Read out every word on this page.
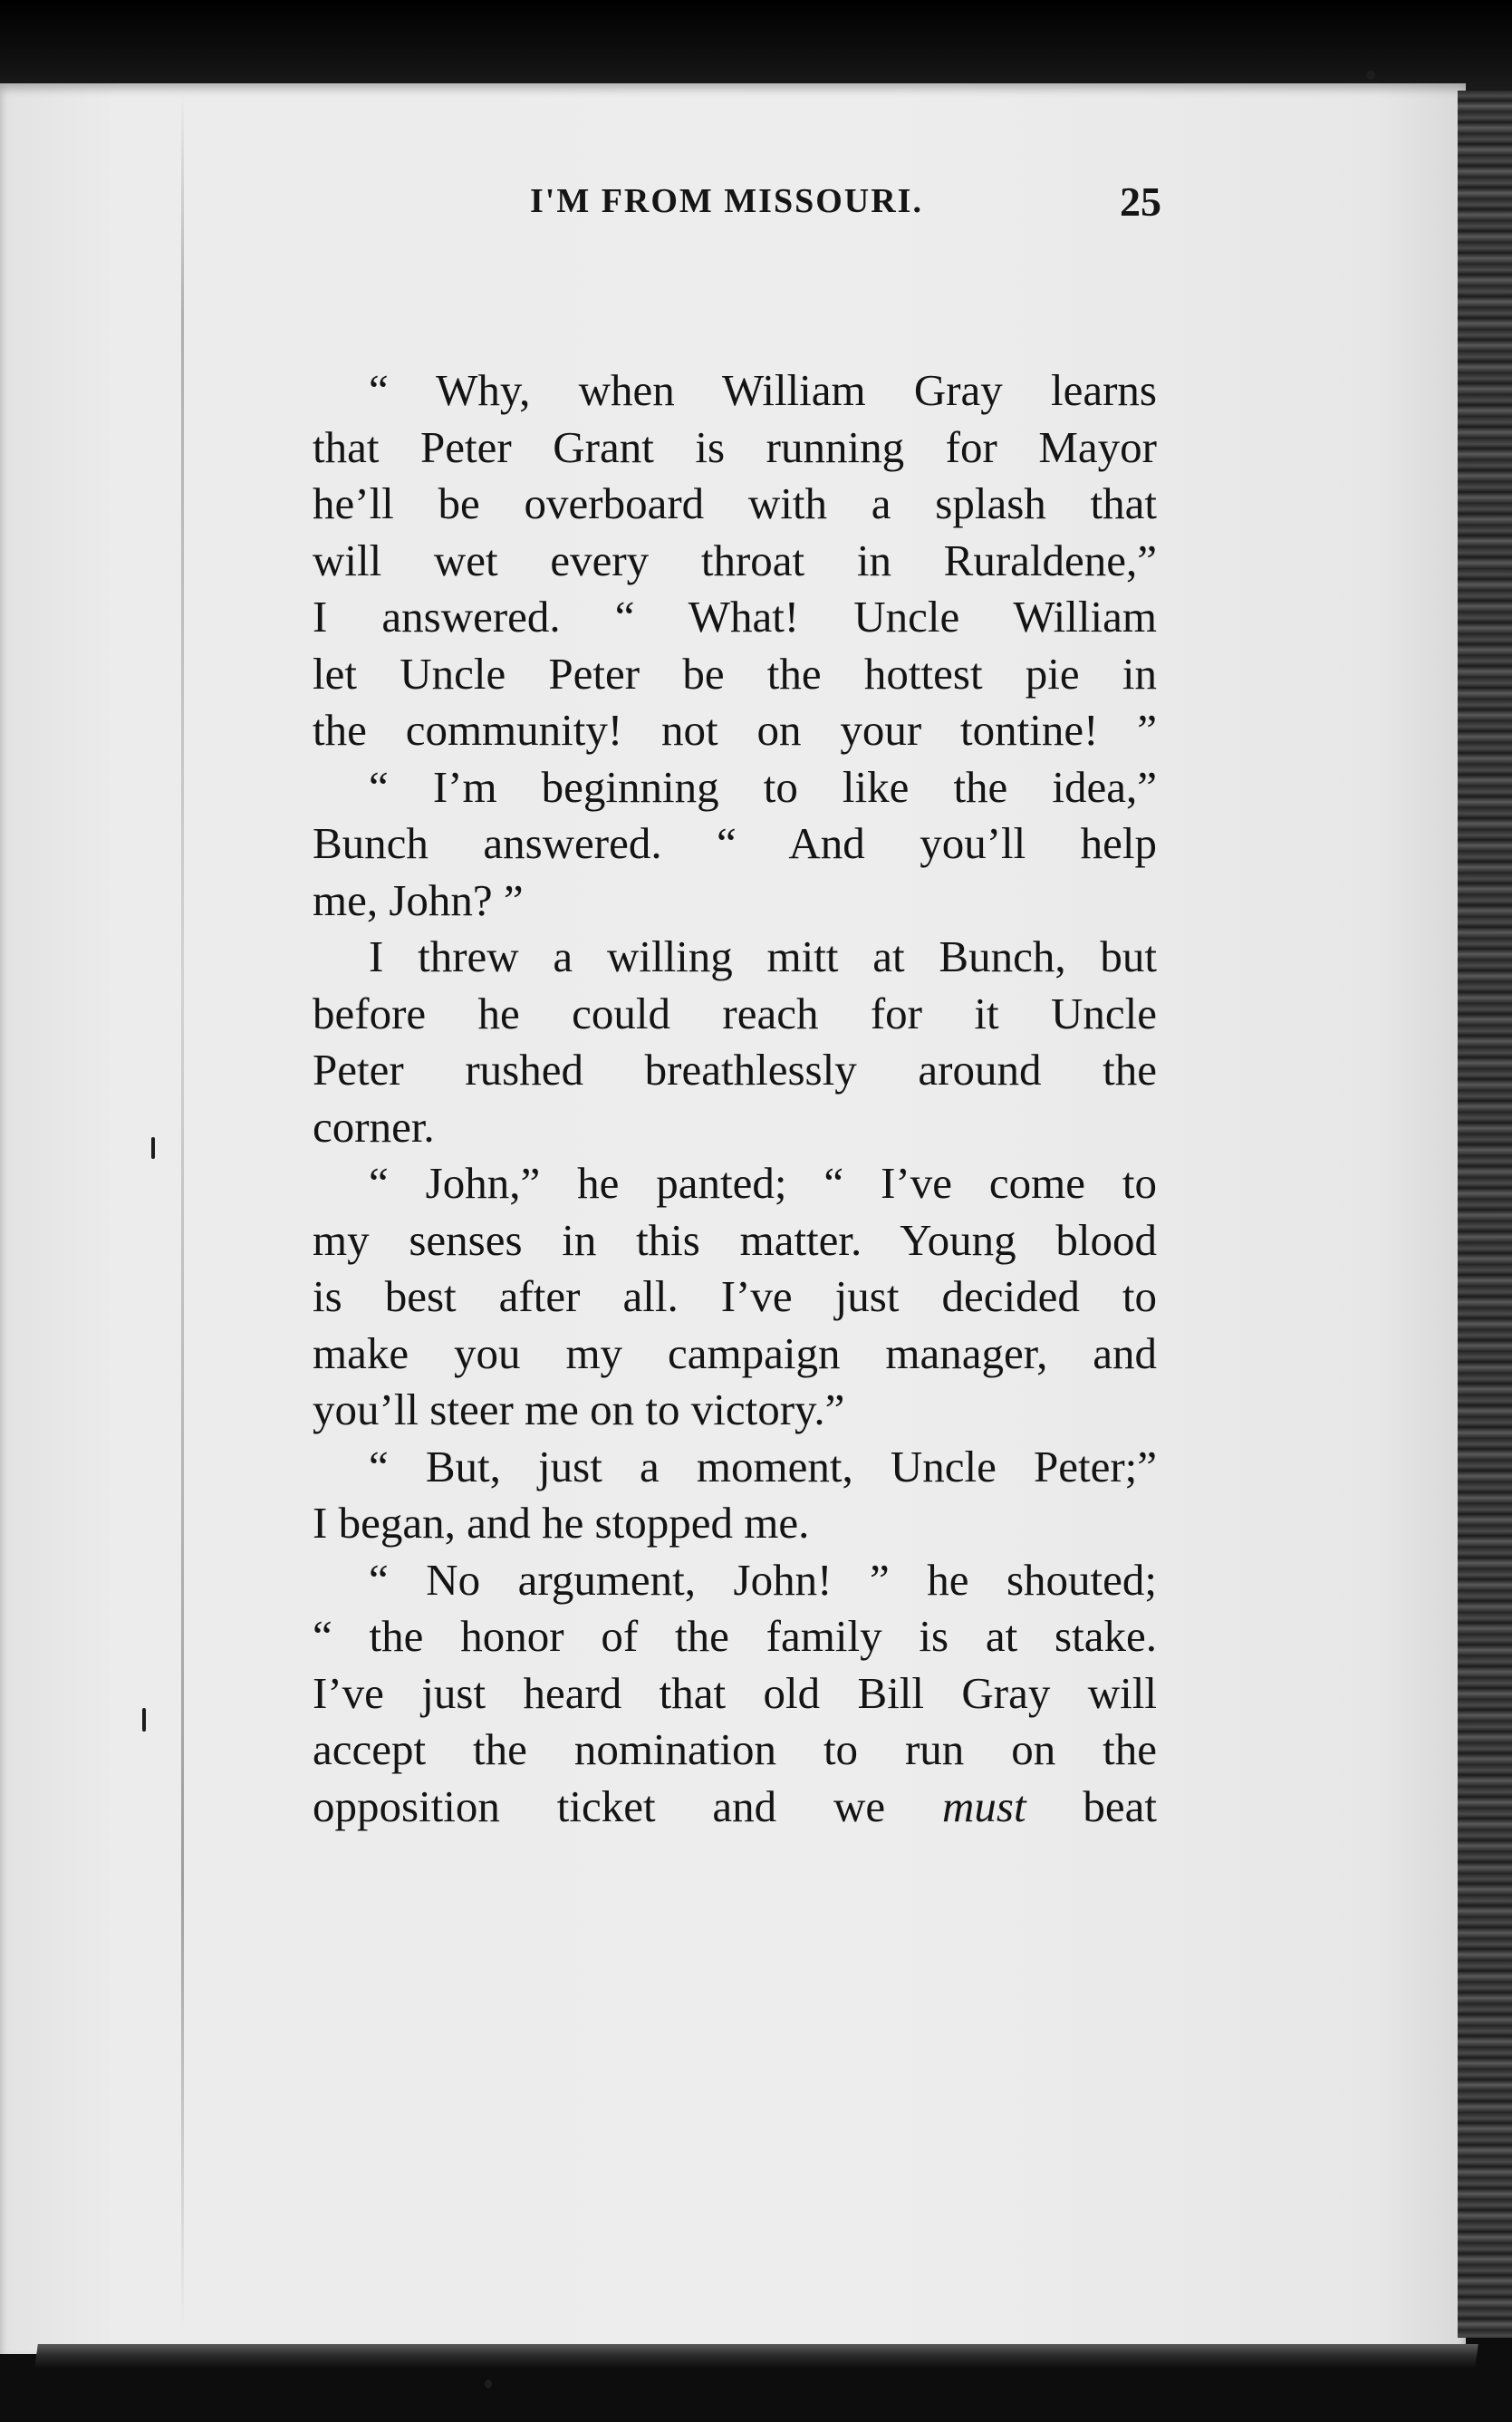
I'M FROM MISSOURI.	25
“ Why, when William Gray learns
that Peter Grant is running for Mayor
he’ll be overboard with a splash that
will wet every throat in Ruraldene,”
I answered. “ What! Uncle William
let Uncle Peter be the hottest pie in
the community! not on your tontine! ”
“ I’m beginning to like the idea,”
Bunch answered. “ And you’ll help
me, John? ”
I threw a willing mitt at Bunch, but
before he could reach for it Uncle
Peter rushed breathlessly around the
corner.
“ John,” he panted; “ I’ve come to
my senses in this matter. Young blood
is best after all. I’ve just decided to
make you my campaign manager, and
you’ll steer me on to victory.”
“ But, just a moment, Uncle Peter;”
I began, and he stopped me.
“ No argument, John! ” he shouted;
“ the honor of the family is at stake.
I’ve just heard that old Bill Gray will
accept the nomination to run on the
opposition ticket and we must beat
